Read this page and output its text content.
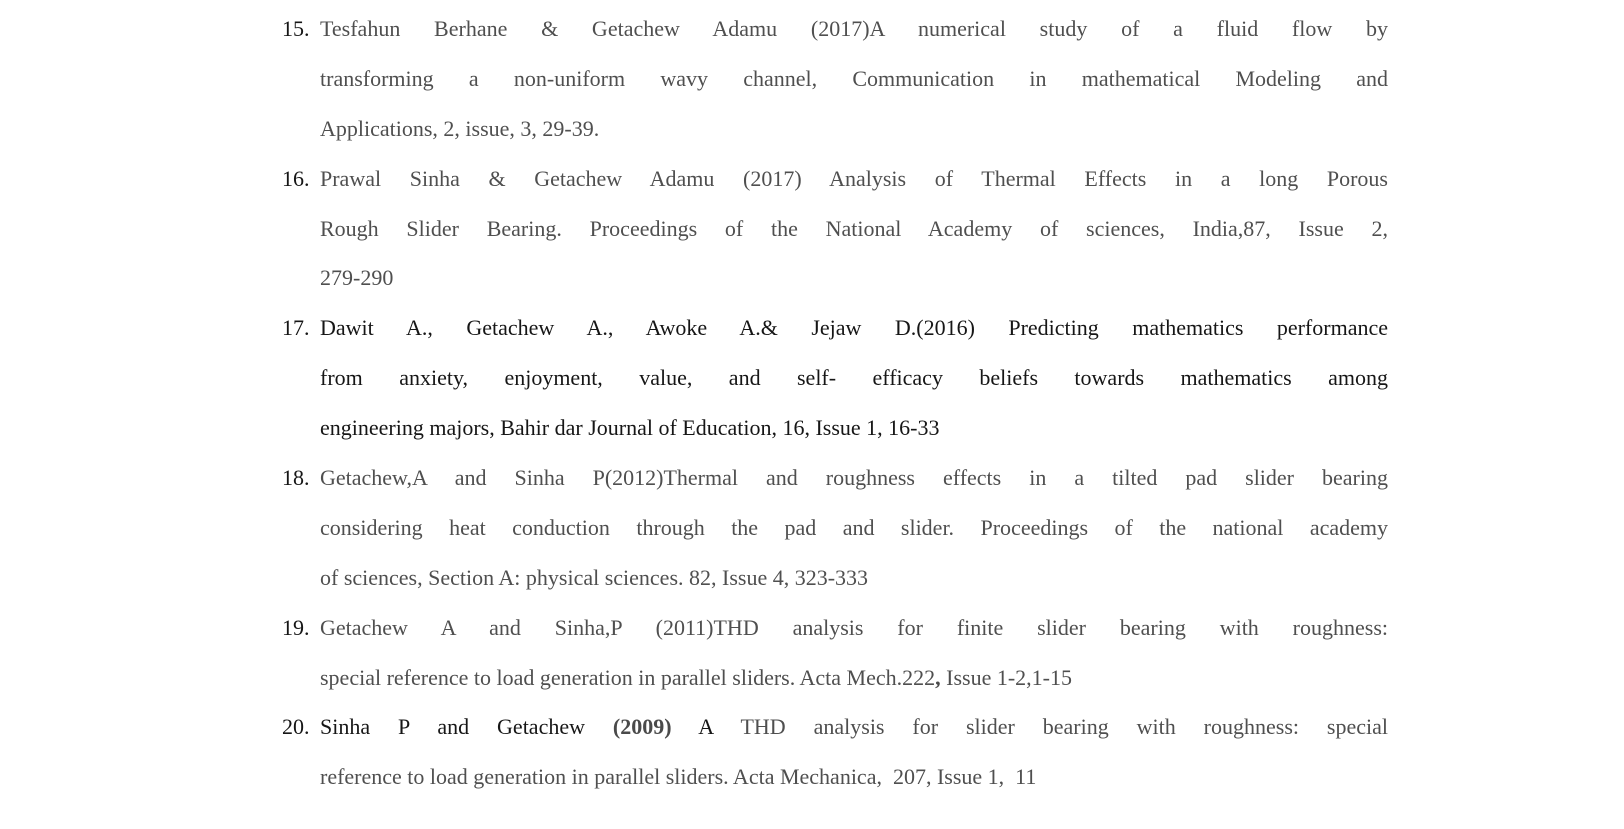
15. Tesfahun Berhane & Getachew Adamu (2017)A numerical study of a fluid flow by
transforming a non-uniform wavy channel, Communication in mathematical Modeling and
Applications, 2, issue, 3, 29-39.
16. Prawal Sinha & Getachew Adamu (2017) Analysis of Thermal Effects in a long Porous
Rough Slider Bearing. Proceedings of the National Academy of sciences, India,87, Issue 2,
279-290
17. Dawit A., Getachew A., Awoke A.& Jejaw D.(2016) Predicting mathematics performance
from anxiety, enjoyment, value, and self- efficacy beliefs towards mathematics among
engineering majors, Bahir dar Journal of Education, 16, Issue 1, 16-33
18. Getachew,A and Sinha P(2012)Thermal and roughness effects in a tilted pad slider bearing
considering heat conduction through the pad and slider. Proceedings of the national academy
of sciences, Section A: physical sciences. 82, Issue 4, 323-333
19. Getachew A and Sinha,P (2011)THD analysis for finite slider bearing with roughness:
special reference to load generation in parallel sliders. Acta Mech.222, Issue 1-2,1-15
20. Sinha P and Getachew (2009) A THD analysis for slider bearing with roughness: special
reference to load generation in parallel sliders. Acta Mechanica,  207, Issue 1,  11
